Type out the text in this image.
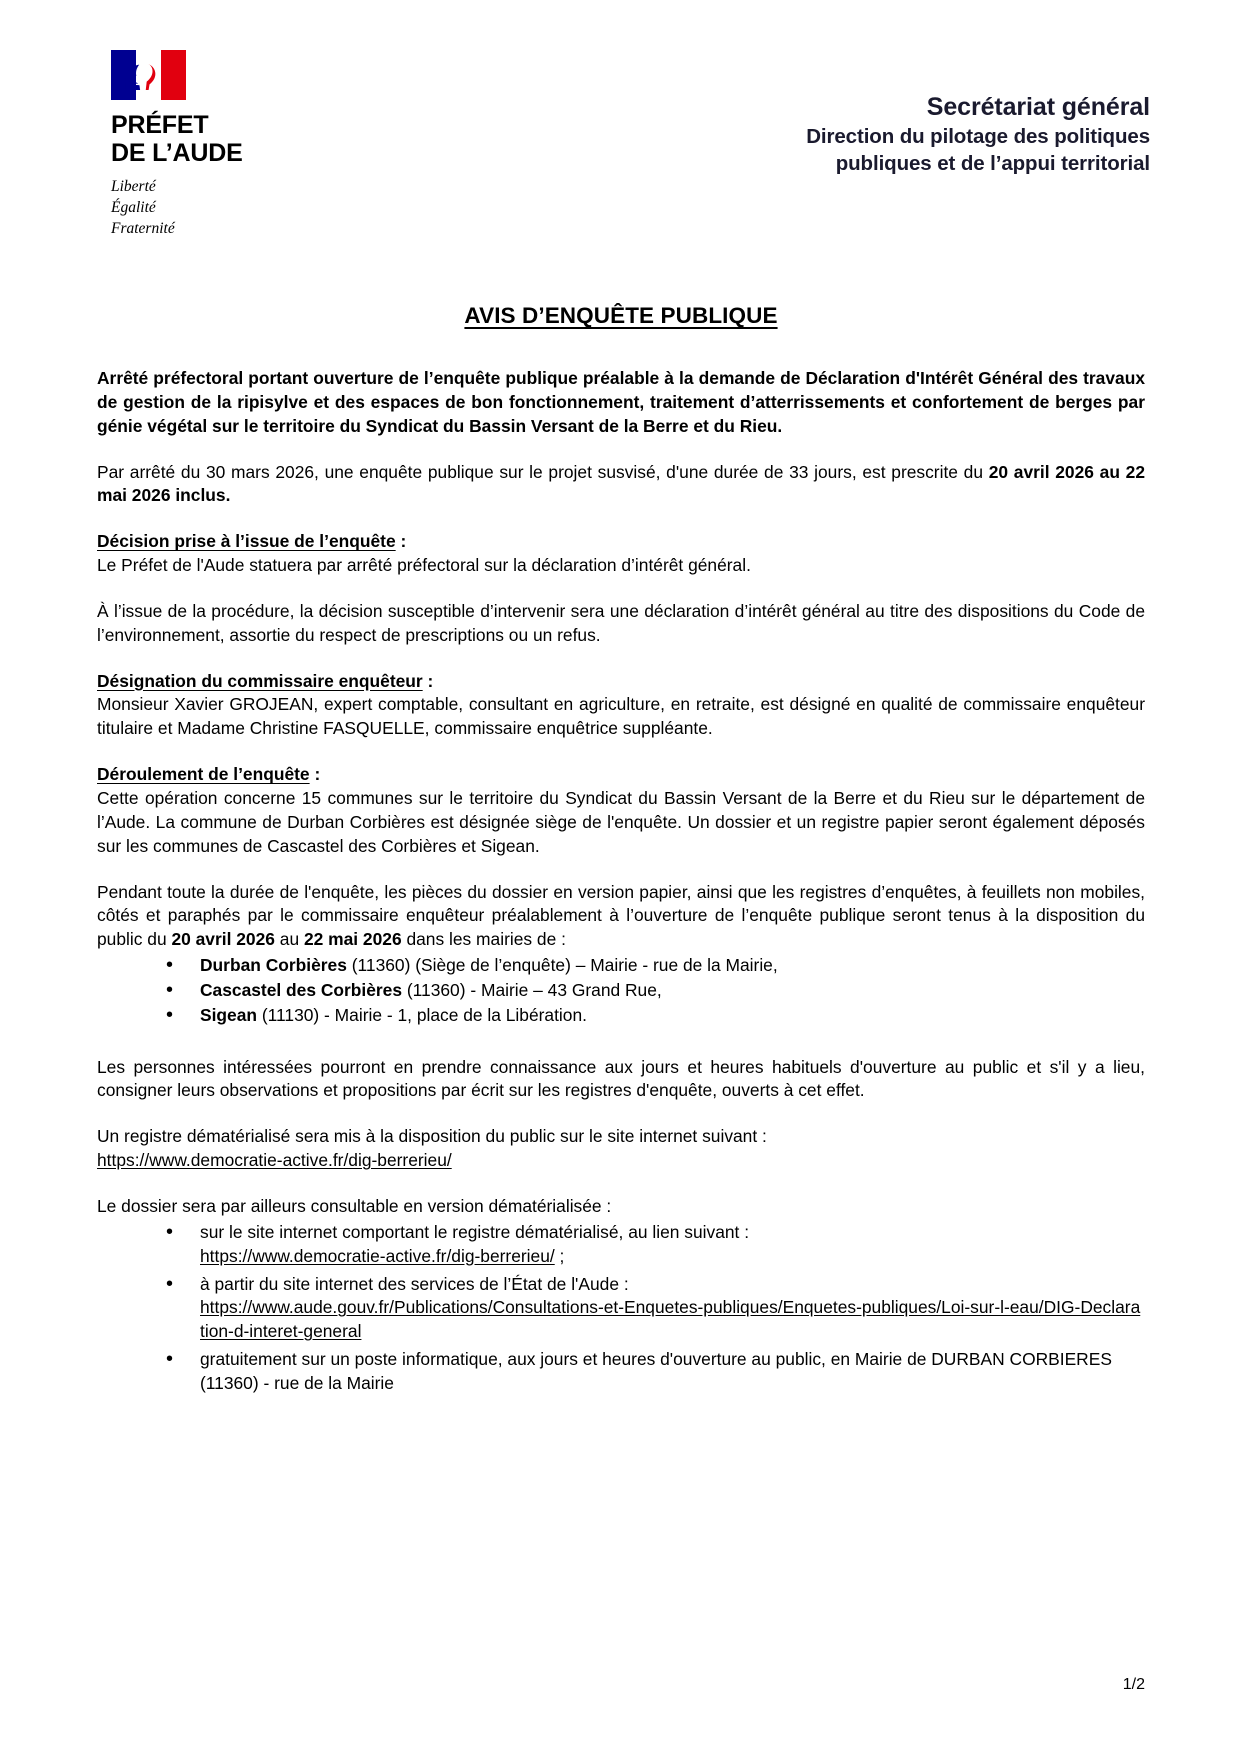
PRÉFET
DE L’AUDE
Liberté
Égalité
Fraternité
Secrétariat général
Direction du pilotage des politiques
publiques et de l’appui territorial
AVIS D’ENQUÊTE PUBLIQUE

Arrêté préfectoral portant ouverture de l’enquête publique préalable à la demande de Déclaration d'Intérêt Général des travaux de gestion de la ripisylve et des espaces de bon fonctionnement, traitement d’atterrissements et confortement de berges par génie végétal sur le territoire du Syndicat du Bassin Versant de la Berre et du Rieu.

Par arrêté du 30 mars 2026, une enquête publique sur le projet susvisé, d'une durée de 33 jours, est prescrite du 20 avril 2026 au 22 mai 2026 inclus.

Décision prise à l’issue de l’enquête :

Le Préfet de l'Aude statuera par arrêté préfectoral sur la déclaration d’intérêt général.

À l’issue de la procédure, la décision susceptible d’intervenir sera une déclaration d’intérêt général au titre des dispositions du Code de l’environnement, assortie du respect de prescriptions ou un refus.

Désignation du commissaire enquêteur :

Monsieur Xavier GROJEAN, expert comptable, consultant en agriculture, en retraite, est désigné en qualité de commissaire enquêteur titulaire et Madame Christine FASQUELLE, commissaire enquêtrice suppléante.

Déroulement de l’enquête :

Cette opération concerne 15 communes sur le territoire du Syndicat du Bassin Versant de la Berre et du Rieu sur le département de l’Aude. La commune de Durban Corbières est désignée siège de l'enquête. Un dossier et un registre papier seront également déposés sur les communes de Cascastel des Corbières et Sigean.

Pendant toute la durée de l'enquête, les pièces du dossier en version papier, ainsi que les registres d’enquêtes, à feuillets non mobiles, côtés et paraphés par le commissaire enquêteur préalablement à l’ouverture de l’enquête publique seront tenus à la disposition du public du 20 avril 2026 au 22 mai 2026 dans les mairies de :

• Durban Corbières (11360) (Siège de l’enquête) – Mairie - rue de la Mairie,
• Cascastel des Corbières (11360) - Mairie – 43 Grand Rue,
• Sigean (11130) - Mairie - 1, place de la Libération.

Les personnes intéressées pourront en prendre connaissance aux jours et heures habituels d'ouverture au public et s'il y a lieu, consigner leurs observations et propositions par écrit sur les registres d'enquête, ouverts à cet effet.

Un registre dématérialisé sera mis à la disposition du public sur le site internet suivant :

https://www.democratie-active.fr/dig-berrerieu/

Le dossier sera par ailleurs consultable en version dématérialisée :

• sur le site internet comportant le registre dématérialisé, au lien suivant :
https://www.democratie-active.fr/dig-berrerieu/ ;
• à partir du site internet des services de l’État de l'Aude :
https://www.aude.gouv.fr/Publications/Consultations-et-Enquetes-publiques/Enquetes-publiques/Loi-sur-l-eau/DIG-Declaration-d-interet-general
• gratuitement sur un poste informatique, aux jours et heures d'ouverture au public, en Mairie de DURBAN CORBIERES (11360) - rue de la Mairie
1/2
